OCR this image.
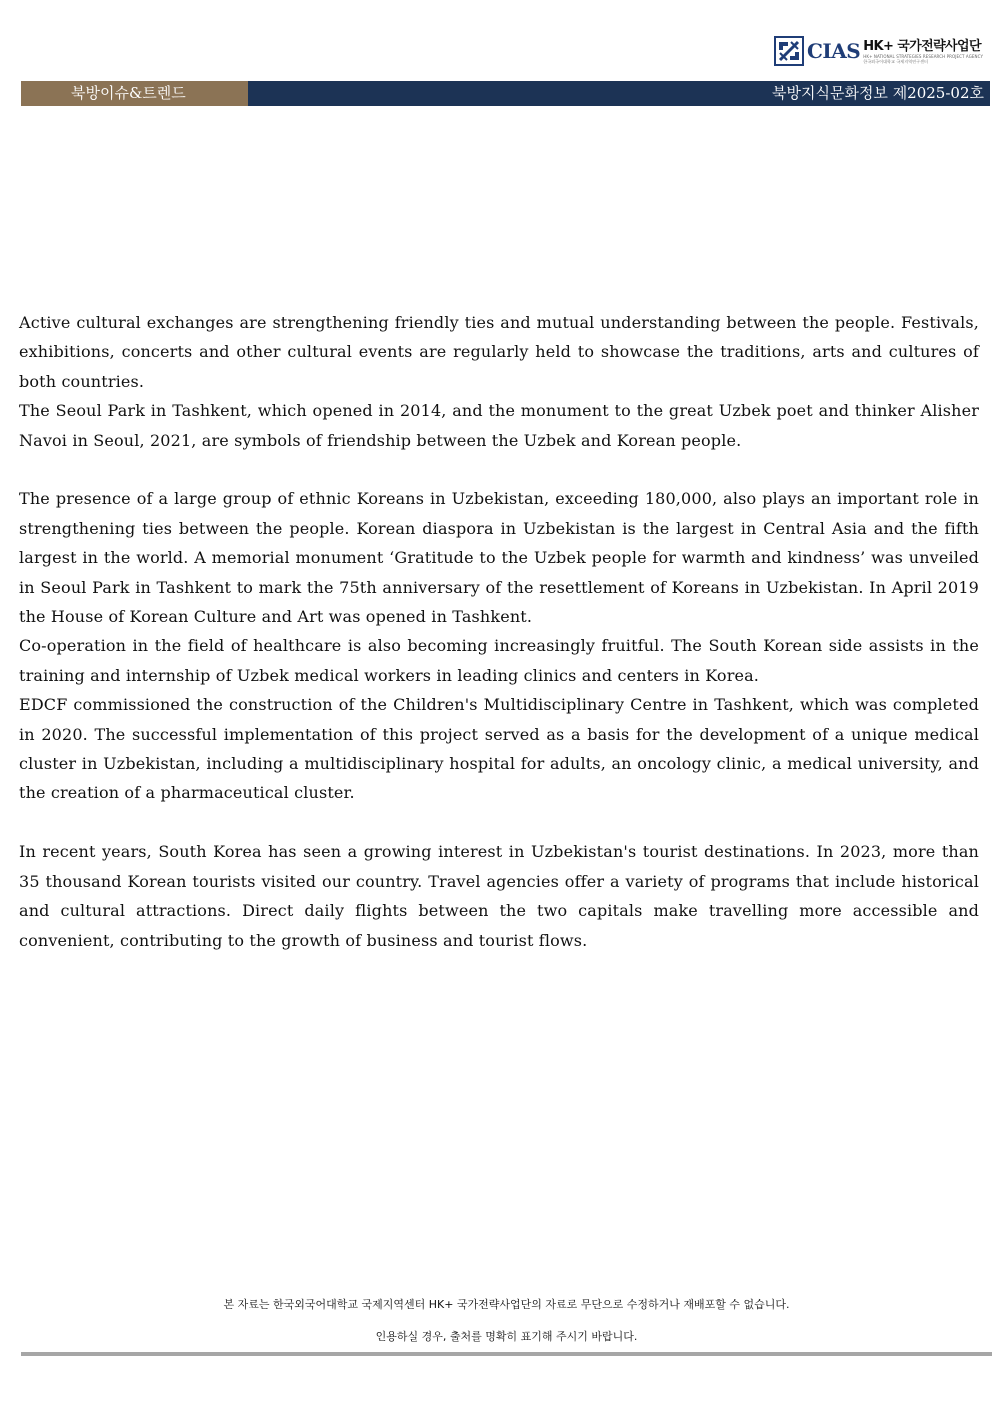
CIAS HK+ 국가전략사업단
HK+ NATIONAL STRATEGIES RESEARCH PROJECT AGENCY
한국외국어대학교 국제지역연구센터
북방이슈&트렌드	북방지식문화정보 제2025-02호

Active cultural exchanges are strengthening friendly ties and mutual understanding between the people. Festivals, exhibitions, concerts and other cultural events are regularly held to showcase the traditions, arts and cultures of both countries.

The Seoul Park in Tashkent, which opened in 2014, and the monument to the great Uzbek poet and thinker Alisher Navoi in Seoul, 2021, are symbols of friendship between the Uzbek and Korean people.

The presence of a large group of ethnic Koreans in Uzbekistan, exceeding 180,000, also plays an important role in strengthening ties between the people. Korean diaspora in Uzbekistan is the largest in Central Asia and the fifth largest in the world. A memorial monument ‘Gratitude to the Uzbek people for warmth and kindness’ was unveiled in Seoul Park in Tashkent to mark the 75th anniversary of the resettlement of Koreans in Uzbekistan. In April 2019 the House of Korean Culture and Art was opened in Tashkent.

Co-operation in the field of healthcare is also becoming increasingly fruitful. The South Korean side assists in the training and internship of Uzbek medical workers in leading clinics and centers in Korea.

EDCF commissioned the construction of the Children's Multidisciplinary Centre in Tashkent, which was completed in 2020. The successful implementation of this project served as a basis for the development of a unique medical cluster in Uzbekistan, including a multidisciplinary hospital for adults, an oncology clinic, a medical university, and the creation of a pharmaceutical cluster.

In recent years, South Korea has seen a growing interest in Uzbekistan's tourist destinations. In 2023, more than 35 thousand Korean tourists visited our country. Travel agencies offer a variety of programs that include historical and cultural attractions. Direct daily flights between the two capitals make travelling more accessible and convenient, contributing to the growth of business and tourist flows.

본 자료는 한국외국어대학교 국제지역센터 HK+ 국가전략사업단의 자료로 무단으로 수정하거나 재배포할 수 없습니다.
인용하실 경우, 출처를 명확히 표기해 주시기 바랍니다.
